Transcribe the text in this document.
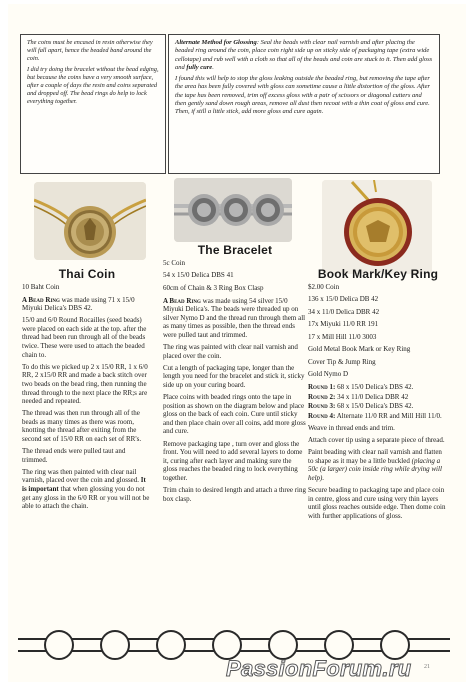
The coins must be encased in resin otherwise they will fall apart, hence the beaded band around the coin.

I did try doing the bracelet without the bead edging, but because the coins have a very smooth surface, after a couple of days the resin and coins separated and dropped off. The bead rings do help to lock everything together.

Alternate Method for Glossing: Seal the beads with clear nail varnish and after placing the beaded ring around the coin, place coin right side up on sticky side of packaging tape (extra wide cellotape) and rub well with a cloth so that all of the beads and coin are stuck to it. Then add gloss and fully cure.

I found this will help to stop the gloss leaking outside the beaded ring, but removing the tape after the area has been fully covered with gloss can sometime cause a little distortion of the gloss. After the tape has been removed, trim off excess gloss with a pair of scissors or diagonal cutters and then gently sand down rough areas, remove all dust then recoat with a thin coat of gloss and cure. Then, if still a little stick, add more gloss and cure again.

Thai Coin

10 Baht Coin

A Bead Ring was made using 71 x 15/0 Miyuki Delica's DBS 42.

15/0 and 6/0 Round Rocailles (seed beads) were placed on each side at the top. after the thread had been run through all of the beads twice. These were used to attach the beaded chain to.

To do this we picked up 2 x 15/0 RR, 1 x 6/0 RR, 2 x15/0 RR and made a back stitch over two beads on the bead ring, then running the thread through to the next place the RR;s are needed and repeated.

The thread was then run through all of the beads as many times as there was room, knotting the thread after exiting from the second set of 15/0 RR on each set of RR's.

The thread ends were pulled taut and trimmed.

The ring was then painted with clear nail varnish, placed over the coin and glossed. It is important that when glossing you do not get any gloss in the 6/0 RR or you will not be able to attach the chain.

The Bracelet

5c Coin

54 x 15/0 Delica DBS 41

60cm of Chain & 3 Ring Box Clasp

A Bead Ring was made using 54 silver 15/0 Miyuki Delica's. The beads were threaded up on silver Nymo D and the thread run through them all as many times as possible, then the thread ends were pulled taut and trimmed.

The ring was painted with clear nail varnish and placed over the coin.

Cut a length of packaging tape, longer than the length you need for the bracelet and stick it, sticky side up on your curing board.

Place coins with beaded rings onto the tape in position as shown on the diagram below and place gloss on the back of each coin. Cure until sticky and then place chain over all coins, add more gloss and cure.

Remove packaging tape , turn over and gloss the front. You will need to add several layers to dome it, curing after each layer and making sure the gloss reaches the beaded ring to lock everything together.

Trim chain to desired length and attach a three ring box clasp.

Book Mark/Key Ring

$2.00 Coin

136 x 15/0 Delica DB 42

34 x 11/0 Delica DBR 42

17x Miyuki 11/0 RR 191

17 x Mill Hill 11/0 3003

Gold Metal Book Mark or Key Ring

Cover Tip & Jump Ring

Gold Nymo D

Round 1: 68 x 15/0 Delica's DBS 42.

Round 2: 34 x 11/0 Delica DBR 42

Round 3: 68 x 15/0 Delica's DBS 42.

Round 4: Alternate 11/0 RR and Mill Hill 11/0.

Weave in thread ends and trim.

Attach cover tip using a separate piece of thread.

Paint beading with clear nail varnish and flatten to shape as it may be a little buckled (placing a 50c (a larger) coin inside ring while drying will help).

Secure beading to packaging tape and place coin in centre, gloss and cure using very thin layers until gloss reaches outside edge. Then dome coin with further applications of gloss.

PassionForum.ru 21
